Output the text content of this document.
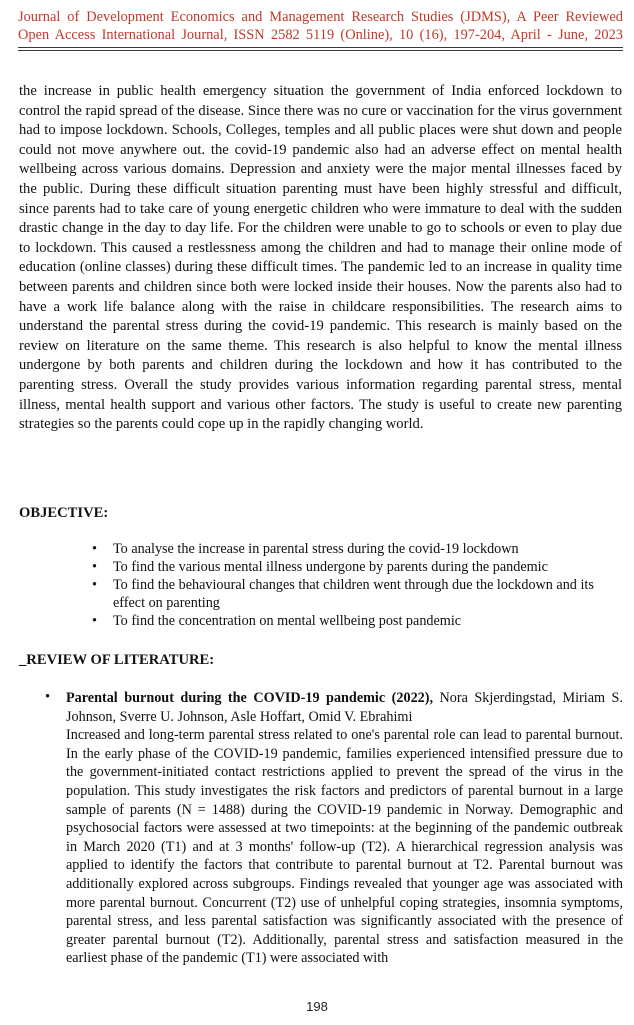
Journal of Development Economics and Management Research Studies (JDMS), A Peer Reviewed
Open Access International Journal, ISSN 2582 5119 (Online), 10 (16), 197-204, April - June, 2023

the increase in public health emergency situation the government of India enforced lockdown to control the rapid spread of the disease. Since there was no cure or vaccination for the virus government had to impose lockdown. Schools, Colleges, temples and all public places were shut down and people could not move anywhere out. the covid-19 pandemic also had an adverse effect on mental health wellbeing across various domains. Depression and anxiety were the major mental illnesses faced by the public. During these difficult situation parenting must have been highly stressful and difficult, since parents had to take care of young energetic children who were immature to deal with the sudden drastic change in the day to day life. For the children were unable to go to schools or even to play due to lockdown. This caused a restlessness among the children and had to manage their online mode of education (online classes) during these difficult times. The pandemic led to an increase in quality time between parents and children since both were locked inside their houses. Now the parents also had to have a work life balance along with the raise in childcare responsibilities. The research aims to understand the parental stress during the covid-19 pandemic. This research is mainly based on the review on literature on the same theme. This research is also helpful to know the mental illness undergone by both parents and children during the lockdown and how it has contributed to the parenting stress. Overall the study provides various information regarding parental stress, mental illness, mental health support and various other factors. The study is useful to create new parenting strategies so the parents could cope up in the rapidly changing world.

OBJECTIVE:
• To analyse the increase in parental stress during the covid-19 lockdown
• To find the various mental illness undergone by parents during the pandemic
• To find the behavioural changes that children went through due the lockdown and its effect on parenting
• To find the concentration on mental wellbeing post pandemic
_REVIEW OF LITERATURE:
• Parental burnout during the COVID-19 pandemic (2022), Nora Skjerdingstad, Miriam S. Johnson, Sverre U. Johnson, Asle Hoffart, Omid V. Ebrahimi
Increased and long-term parental stress related to one's parental role can lead to parental burnout. In the early phase of the COVID-19 pandemic, families experienced intensified pressure due to the government-initiated contact restrictions applied to prevent the spread of the virus in the population. This study investigates the risk factors and predictors of parental burnout in a large sample of parents (N = 1488) during the COVID-19 pandemic in Norway. Demographic and psychosocial factors were assessed at two timepoints: at the beginning of the pandemic outbreak in March 2020 (T1) and at 3 months' follow-up (T2). A hierarchical regression analysis was applied to identify the factors that contribute to parental burnout at T2. Parental burnout was additionally explored across subgroups. Findings revealed that younger age was associated with more parental burnout. Concurrent (T2) use of unhelpful coping strategies, insomnia symptoms, parental stress, and less parental satisfaction was significantly associated with the presence of greater parental burnout (T2). Additionally, parental stress and satisfaction measured in the earliest phase of the pandemic (T1) were associated with
198
